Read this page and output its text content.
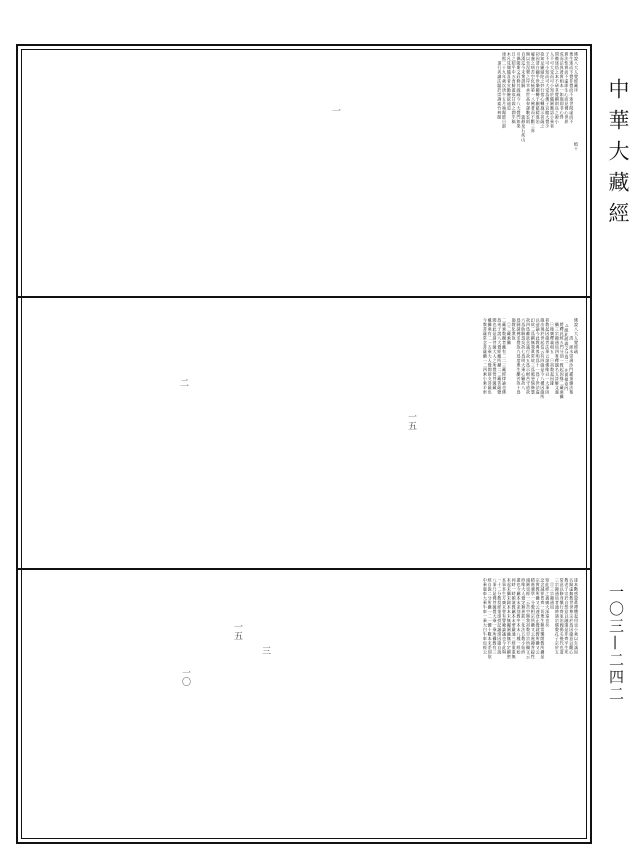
中華大藏經
一〇三—二四二
佛說八大人覺經藏序　　　　　　　　　　　植十
衆生迷而不覺非覺而不迷世間虛而不
實法性實而不虛即生心而見佛心世界
成而法界著實相本一如現即非心得
問徹迷悟之本不研其覺顯則良之源小
人不可大受而可小知於隨圓應語小乘者
子不可小知而可大受爲佛子宜隨大覺少
欲知足顯頭陀之妙行捨心轉施示菩薩之
初因清白翻乎世樂關轉于顯慈精進治
癡慮之病苦空化極第一八佛著而不斷三界
無以至涅槃之岸幸承世高奉譯數室則
自漢迄今未衆訓解　　　　　　逝靜泉石疾山
川偶閱斯文莊修其疏疏今八大覺門如果
日之昭乎中五育勝蓋似甘霖之潤乎稿
木凡見聞隨喜者宣勤臉砍迪焉
康熙二十九年歲次庚午五月端陽節日湛
　　頂行者識法題於崇壽索竹林閣
佛說八大人覺經疏
　　　　清　浙水崇壽沙門灌頂續法集
　△疏此經義文分爲二　先畧標章門
　將釋此經五門分別一敎起因緣二藏乘攝
　攝三宗趣通局四畧釋題名五詳解文義
　㊀後廣釋義相五　㊀初敎起因緣
初敎起因緣者法華云諸佛唯以一大事因
緣出現於世起信云有四緣是今八種因緣所
以造論今此敎典畧明爲十一爲了世法虛
幻故二爲顯無我眞常故三爲破惡惱修慧
故四爲離欲息滅行故五爲示耐苦守道故
六爲助解怨吳故七爲明大乘心顧故八
爲圓諸佛求覺故九爲度衆生離苦故十爲
施敎化衆故
　㊁二藏乘攝
二藏乘敎攝者藏有二二三藏經律論也佛
爲弟子說八大覺經藏所攝二二藏菩薩聲
聞也此是諸菩薩大人之所覺悟菩薩藏
藏攝乘有二一五乘大人覺開薛支菩薩也
今教菩薩常念菩薩攝一二四乘小乘羊車
達本斷惑證眞禪體起用也小乘以生滅因
名歸虛無敎世世尊宗於爲因緣意以觀心
敎老子宗於自然意以融蕩是非齊平生死
常意以修身愼行齊家治國揚名後代也道
三宗趣通局者通辨諸宗儒敎孔子宗於五
　㊂三宗趣通局
知此經之義廣大深遠也矣
念念滅罪普齊一切衆生無常樂開敎所攝是
宗實敎所攝又云速登正覺就敎所攝又云
精進廣學一分敎相宗所攝又云進趣菩提性
頭圓也經一云苦空無我初敎空宗所攝又云
終唯大人覺定無異鉄三化法五敎小始終
畫也今屬本末差別敎中本末八種一經始
同時一時頓演敎屬本末華嚴通三經重重無
本起末攝末歸本本末無礙圓融無不定顯密
本事本生方廣未曾有譬喩論議也今此與
一十二分敎契經重頌授記諷頌因緣自說
八事乃是佛菩薩覺大乘一乘所攝敎有三
經自說二分所攝一二一體十數本末差別依
中乘鹿車大乘牛車一乘大白牛車也經云
一
二
三
一五
一〇
一五
